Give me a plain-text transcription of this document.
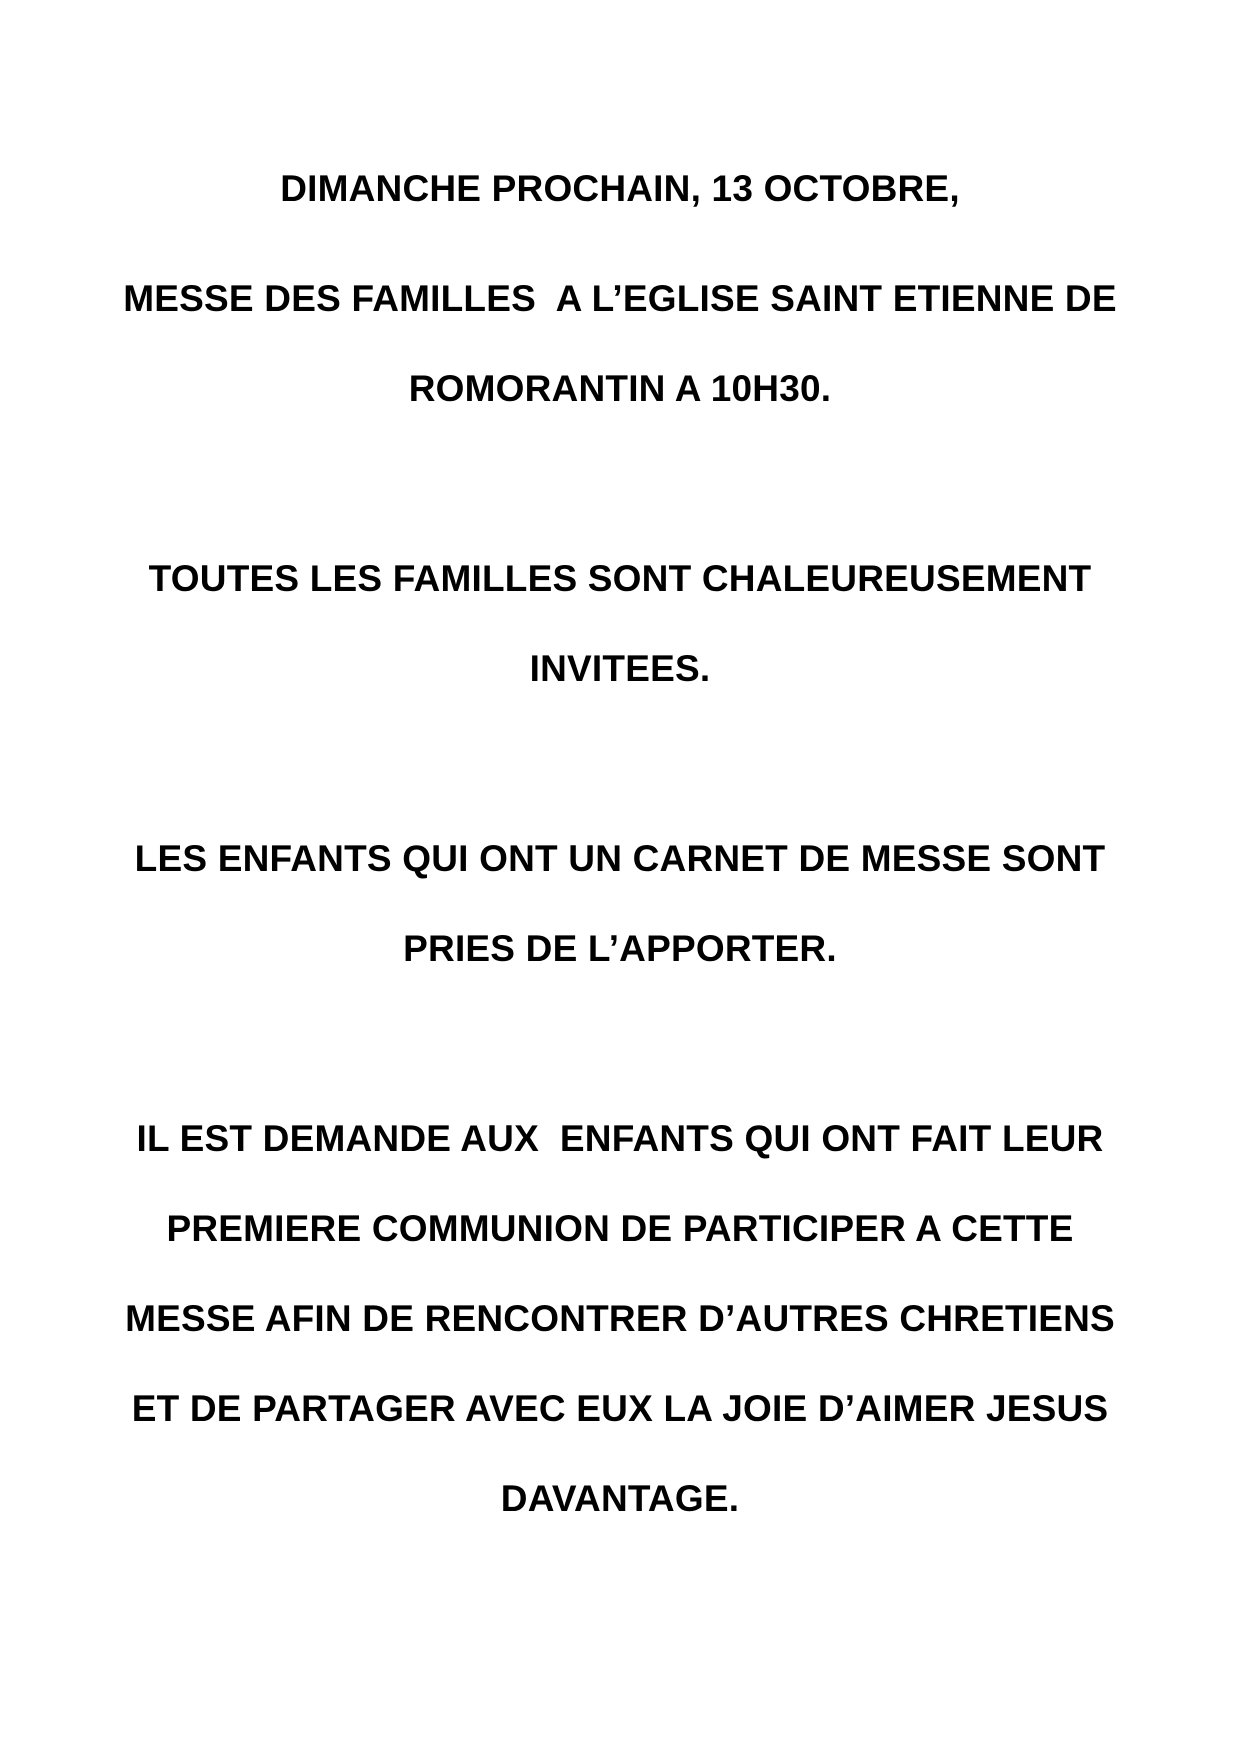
DIMANCHE PROCHAIN, 13 OCTOBRE,
MESSE DES FAMILLES  A L’EGLISE SAINT ETIENNE DE
ROMORANTIN A 10H30.
TOUTES LES FAMILLES SONT CHALEUREUSEMENT
INVITEES.
LES ENFANTS QUI ONT UN CARNET DE MESSE SONT
PRIES DE L’APPORTER.
IL EST DEMANDE AUX  ENFANTS QUI ONT FAIT LEUR
PREMIERE COMMUNION DE PARTICIPER A CETTE
MESSE AFIN DE RENCONTRER D’AUTRES CHRETIENS
ET DE PARTAGER AVEC EUX LA JOIE D’AIMER JESUS
DAVANTAGE.
